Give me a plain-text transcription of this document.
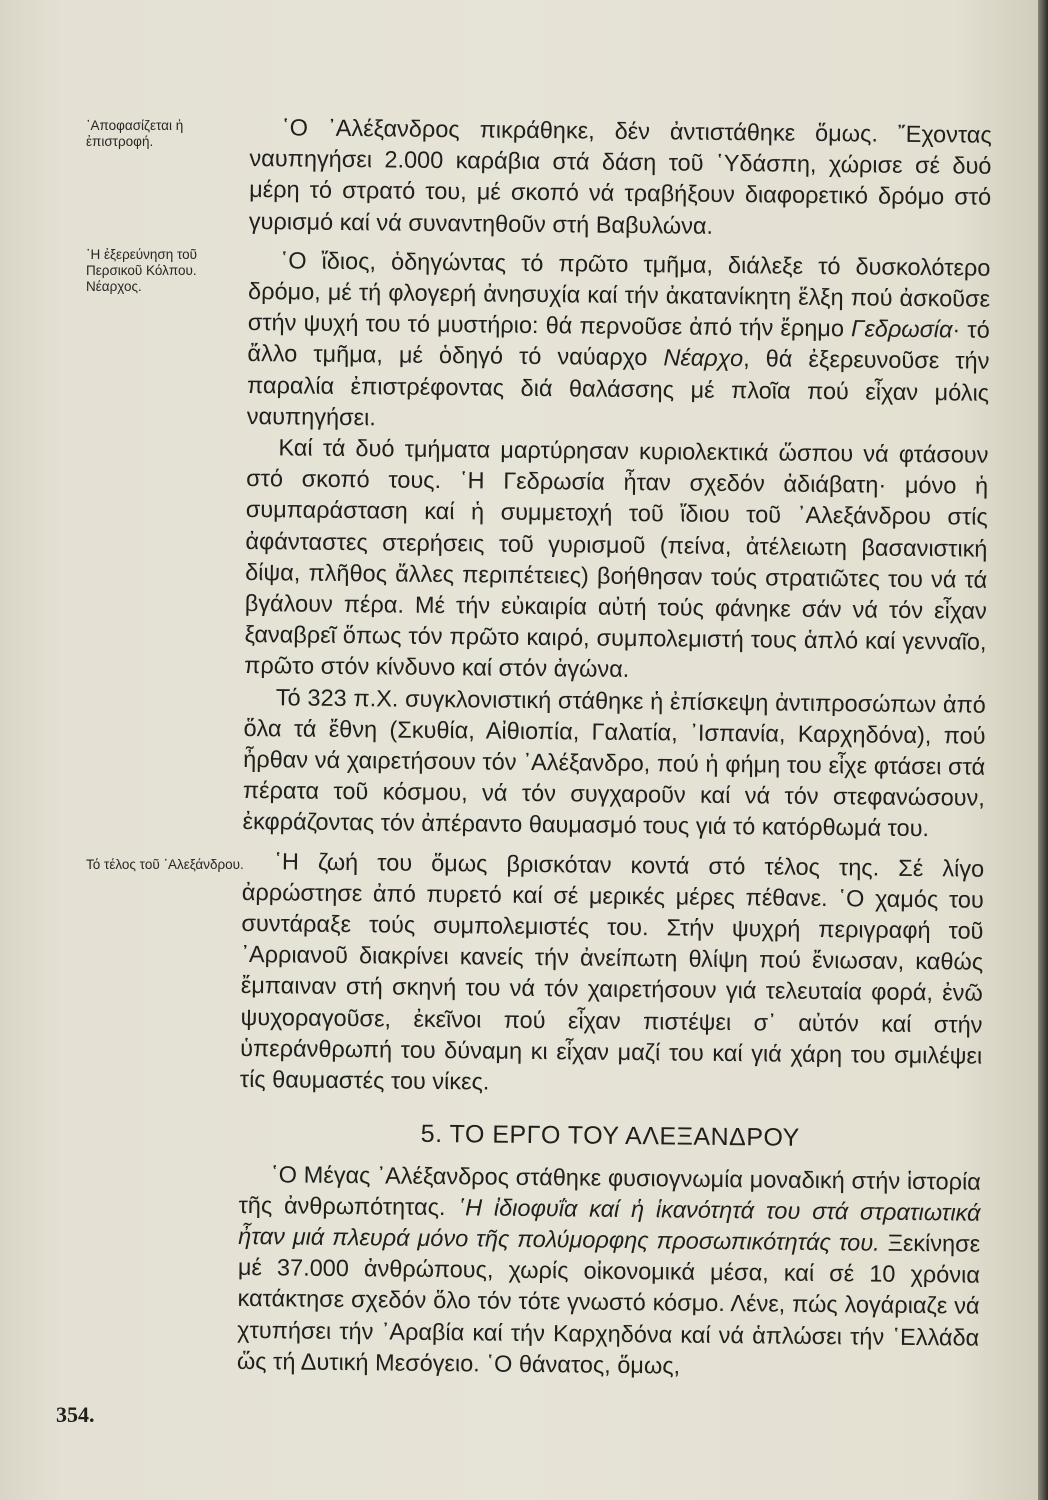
᾿Αποφασίζεται ἡ ἐπιστροφή.
῾Η ἐξερεύνηση τοῦ Περσικοῦ Κόλπου. Νέαρχος.
Τό τέλος τοῦ ᾿Αλεξάνδρου.

῾Ο ᾿Αλέξανδρος πικράθηκε, δέν ἀντιστάθηκε ὅμως. ῎Εχοντας ναυπηγήσει 2.000 καράβια στά δάση τοῦ ῾Υδάσπη, χώρισε σέ δυό μέρη τό στρατό του, μέ σκοπό νά τραβήξουν διαφορετικό δρόμο στό γυρισμό καί νά συναντηθοῦν στή Βαβυλώνα.

῾Ο ἴδιος, ὁδηγώντας τό πρῶτο τμῆμα, διάλεξε τό δυσκολότερο δρόμο, μέ τή φλογερή ἀνησυχία καί τήν ἀκατανίκητη ἕλξη πού ἀσκοῦσε στήν ψυχή του τό μυστήριο: θά περνοῦσε ἀπό τήν ἔρημο Γεδρωσία· τό ἄλλο τμῆμα, μέ ὁδηγό τό ναύαρχο Νέαρχο, θά ἐξερευνοῦσε τήν παραλία ἐπιστρέφοντας διά θαλάσσης μέ πλοῖα πού εἶχαν μόλις ναυπηγήσει.

Καί τά δυό τμήματα μαρτύρησαν κυριολεκτικά ὥσπου νά φτάσουν στό σκοπό τους. ῾Η Γεδρωσία ἦταν σχεδόν ἀδιάβατη· μόνο ἡ συμπαράσταση καί ἡ συμμετοχή τοῦ ἴδιου τοῦ ᾿Αλεξάνδρου στίς ἀφάνταστες στερήσεις τοῦ γυρισμοῦ (πείνα, ἀτέλειωτη βασανιστική δίψα, πλῆθος ἄλλες περιπέτειες) βοήθησαν τούς στρατιῶτες του νά τά βγάλουν πέρα. Μέ τήν εὐκαιρία αὐτή τούς φάνηκε σάν νά τόν εἶχαν ξαναβρεῖ ὅπως τόν πρῶτο καιρό, συμπολεμιστή τους ἁπλό καί γενναῖο, πρῶτο στόν κίνδυνο καί στόν ἀγώνα.

Τό 323 π.Χ. συγκλονιστική στάθηκε ἡ ἐπίσκεψη ἀντιπροσώπων ἀπό ὅλα τά ἔθνη (Σκυθία, Αἰθιοπία, Γαλατία, ᾿Ισπανία, Καρχηδόνα), πού ἦρθαν νά χαιρετήσουν τόν ᾿Αλέξανδρο, πού ἡ φήμη του εἶχε φτάσει στά πέρατα τοῦ κόσμου, νά τόν συγχαροῦν καί νά τόν στεφανώσουν, ἐκφράζοντας τόν ἀπέραντο θαυμασμό τους γιά τό κατόρθωμά του.

῾Η ζωή του ὅμως βρισκόταν κοντά στό τέλος της. Σέ λίγο ἀρρώστησε ἀπό πυρετό καί σέ μερικές μέρες πέθανε. ῾Ο χαμός του συντάραξε τούς συμπολεμιστές του. Στήν ψυχρή περιγραφή τοῦ ᾿Αρριανοῦ διακρίνει κανείς τήν ἀνείπωτη θλίψη πού ἔνιωσαν, καθώς ἔμπαιναν στή σκηνή του νά τόν χαιρετήσουν γιά τελευταία φορά, ἐνῶ ψυχοραγοῦσε, ἐκεῖνοι πού εἶχαν πιστέψει σ᾿ αὐτόν καί στήν ὑπεράνθρωπή του δύναμη κι εἶχαν μαζί του καί γιά χάρη του σμιλέψει τίς θαυμαστές του νίκες.

5. ΤΟ ΕΡΓΟ ΤΟΥ ΑΛΕΞΑΝΔΡΟΥ

῾Ο Μέγας ᾿Αλέξανδρος στάθηκε φυσιογνωμία μοναδική στήν ἱστορία τῆς ἀνθρωπότητας. ῾Η ἰδιοφυΐα καί ἡ ἱκανότητά του στά στρατιωτικά ἦταν μιά πλευρά μόνο τῆς πολύμορφης προσωπικότητάς του. Ξεκίνησε μέ 37.000 ἀνθρώπους, χωρίς οἰκονομικά μέσα, καί σέ 10 χρόνια κατάκτησε σχεδόν ὅλο τόν τότε γνωστό κόσμο. Λένε, πώς λογάριαζε νά χτυπήσει τήν ᾿Αραβία καί τήν Καρχηδόνα καί νά ἁπλώσει τήν ῾Ελλάδα ὥς τή Δυτική Μεσόγειο. ῾Ο θάνατος, ὅμως,

354.
